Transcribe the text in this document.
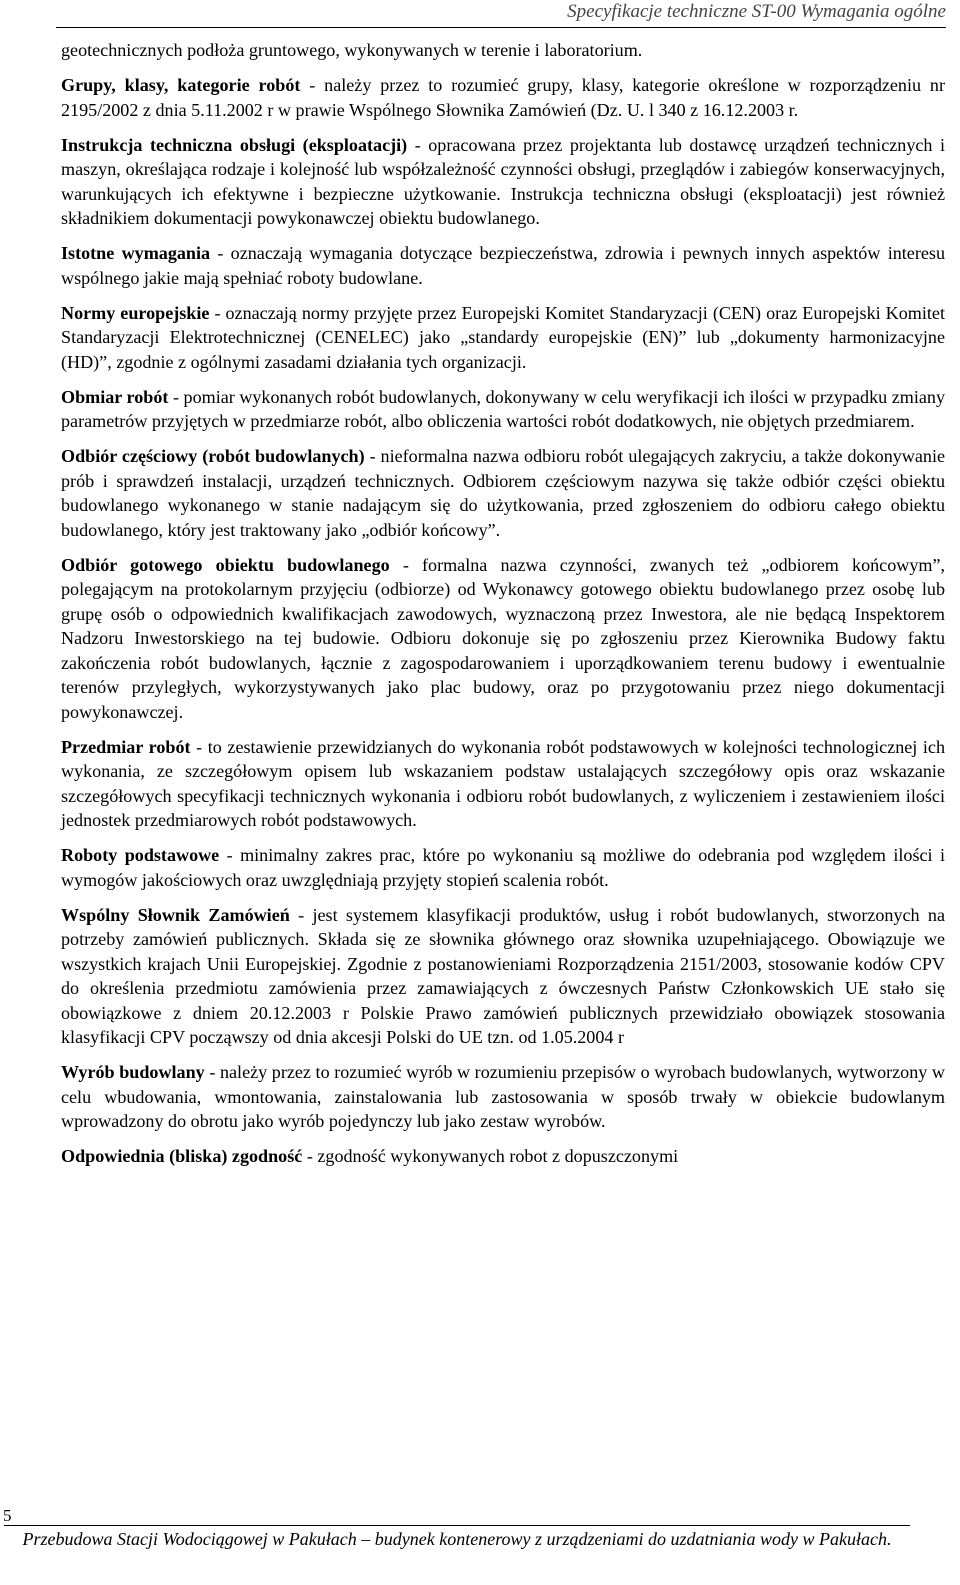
Specyfikacje techniczne ST-00 Wymagania ogólne

geotechnicznych podłoża gruntowego, wykonywanych w terenie i laboratorium.

Grupy, klasy, kategorie robót - należy przez to rozumieć grupy, klasy, kategorie określone w rozporządzeniu nr 2195/2002 z dnia 5.11.2002 r w prawie Wspólnego Słownika Zamówień (Dz. U. l 340 z 16.12.2003 r.

Instrukcja techniczna obsługi (eksploatacji) - opracowana przez projektanta lub dostawcę urządzeń technicznych i maszyn, określająca rodzaje i kolejność lub współzależność czynności obsługi, przeglądów i zabiegów konserwacyjnych, warunkujących ich efektywne i bezpieczne użytkowanie. Instrukcja techniczna obsługi (eksploatacji) jest również składnikiem dokumentacji powykonawczej obiektu budowlanego.

Istotne wymagania - oznaczają wymagania dotyczące bezpieczeństwa, zdrowia i pewnych innych aspektów interesu wspólnego jakie mają spełniać roboty budowlane.

Normy europejskie - oznaczają normy przyjęte przez Europejski Komitet Standaryzacji (CEN) oraz Europejski Komitet Standaryzacji Elektrotechnicznej (CENELEC) jako „standardy europejskie (EN)” lub „dokumenty harmonizacyjne (HD)”, zgodnie z ogólnymi zasadami działania tych organizacji.

Obmiar robót - pomiar wykonanych robót budowlanych, dokonywany w celu weryfikacji ich ilości w przypadku zmiany parametrów przyjętych w przedmiarze robót, albo obliczenia wartości robót dodatkowych, nie objętych przedmiarem.

Odbiór częściowy (robót budowlanych) - nieformalna nazwa odbioru robót ulegających zakryciu, a także dokonywanie prób i sprawdzeń instalacji, urządzeń technicznych. Odbiorem częściowym nazywa się także odbiór części obiektu budowlanego wykonanego w stanie nadającym się do użytkowania, przed zgłoszeniem do odbioru całego obiektu budowlanego, który jest traktowany jako „odbiór końcowy”.

Odbiór gotowego obiektu budowlanego - formalna nazwa czynności, zwanych też „odbiorem końcowym”, polegającym na protokolarnym przyjęciu (odbiorze) od Wykonawcy gotowego obiektu budowlanego przez osobę lub grupę osób o odpowiednich kwalifikacjach zawodowych, wyznaczoną przez Inwestora, ale nie będącą Inspektorem Nadzoru Inwestorskiego na tej budowie. Odbioru dokonuje się po zgłoszeniu przez Kierownika Budowy faktu zakończenia robót budowlanych, łącznie z zagospodarowaniem i uporządkowaniem terenu budowy i ewentualnie terenów przyległych, wykorzystywanych jako plac budowy, oraz po przygotowaniu przez niego dokumentacji powykonawczej.

Przedmiar robót - to zestawienie przewidzianych do wykonania robót podstawowych w kolejności technologicznej ich wykonania, ze szczegółowym opisem lub wskazaniem podstaw ustalających szczegółowy opis oraz wskazanie szczegółowych specyfikacji technicznych wykonania i odbioru robót budowlanych, z wyliczeniem i zestawieniem ilości jednostek przedmiarowych robót podstawowych.

Roboty podstawowe - minimalny zakres prac, które po wykonaniu są możliwe do odebrania pod względem ilości i wymogów jakościowych oraz uwzględniają przyjęty stopień scalenia robót.

Wspólny Słownik Zamówień - jest systemem klasyfikacji produktów, usług i robót budowlanych, stworzonych na potrzeby zamówień publicznych. Składa się ze słownika głównego oraz słownika uzupełniającego. Obowiązuje we wszystkich krajach Unii Europejskiej. Zgodnie z postanowieniami Rozporządzenia 2151/2003, stosowanie kodów CPV do określenia przedmiotu zamówienia przez zamawiających z ówczesnych Państw Członkowskich UE stało się obowiązkowe z dniem 20.12.2003 r Polskie Prawo zamówień publicznych przewidziało obowiązek stosowania klasyfikacji CPV począwszy od dnia akcesji Polski do UE tzn. od 1.05.2004 r

Wyrób budowlany - należy przez to rozumieć wyrób w rozumieniu przepisów o wyrobach budowlanych, wytworzony w celu wbudowania, wmontowania, zainstalowania lub zastosowania w sposób trwały w obiekcie budowlanym wprowadzony do obrotu jako wyrób pojedynczy lub jako zestaw wyrobów.

Odpowiednia (bliska) zgodność - zgodność wykonywanych robot z dopuszczonymi

5
Przebudowa Stacji Wodociągowej w Pakułach – budynek kontenerowy z urządzeniami do uzdatniania wody w Pakułach.
